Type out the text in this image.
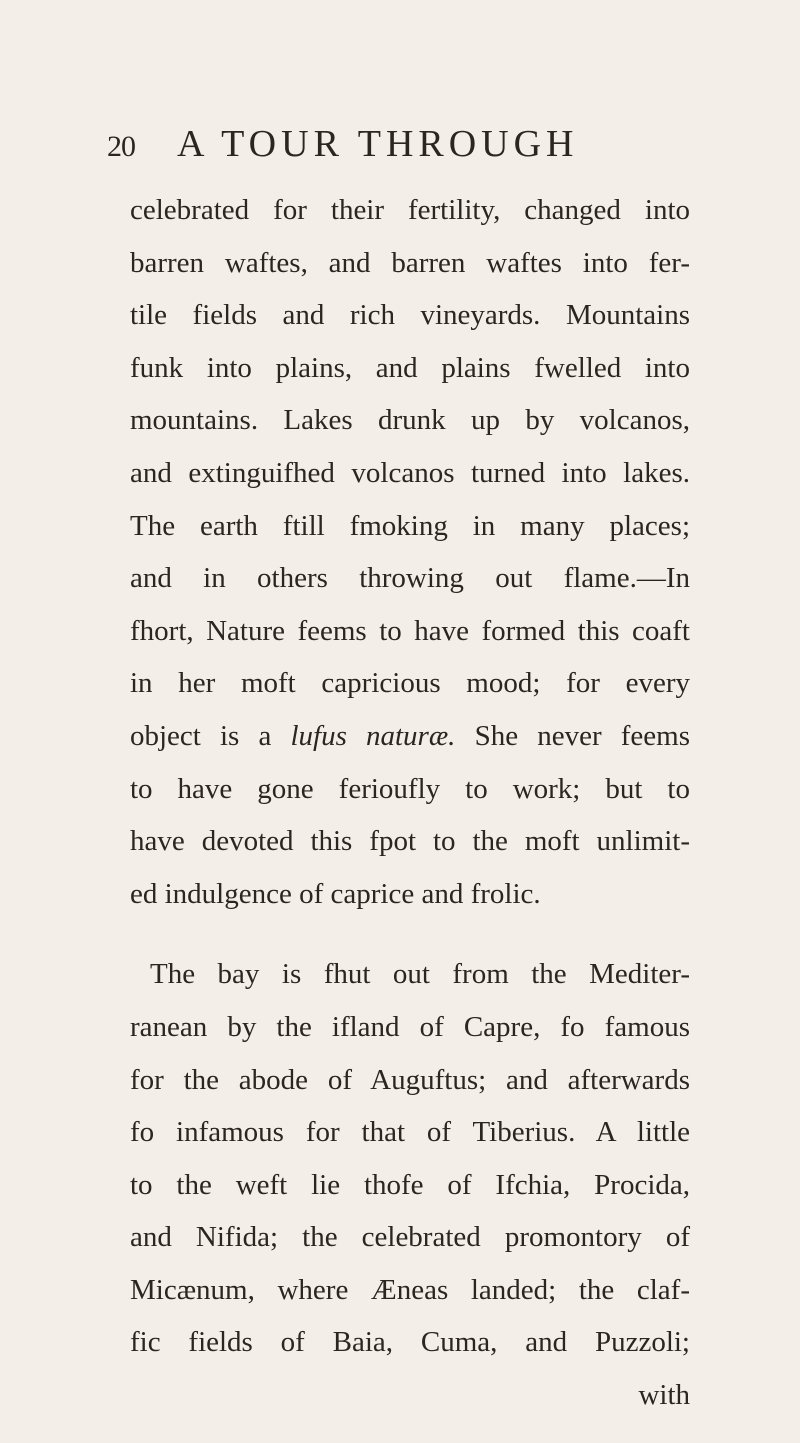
20	A TOUR THROUGH
celebrated for their fertility, changed into
barren waftes, and barren waftes into fer-
tile fields and rich vineyards. Mountains
funk into plains, and plains fwelled into
mountains. Lakes drunk up by volcanos,
and extinguifhed volcanos turned into lakes.
The earth ftill fmoking in many places;
and in others throwing out flame.—In
fhort, Nature feems to have formed this coaft
in her moft capricious mood; for every
object is a lufus naturæ. She never feems
to have gone ferioufly to work; but to
have devoted this fpot to the moft unlimit-
ed indulgence of caprice and frolic.
The bay is fhut out from the Mediter-
ranean by the ifland of Capre, fo famous
for the abode of Auguftus; and afterwards
fo infamous for that of Tiberius. A little
to the weft lie thofe of Ifchia, Procida,
and Nifida; the celebrated promontory of
Micænum, where Æneas landed; the claf-
fic fields of Baia, Cuma, and Puzzoli;
with
